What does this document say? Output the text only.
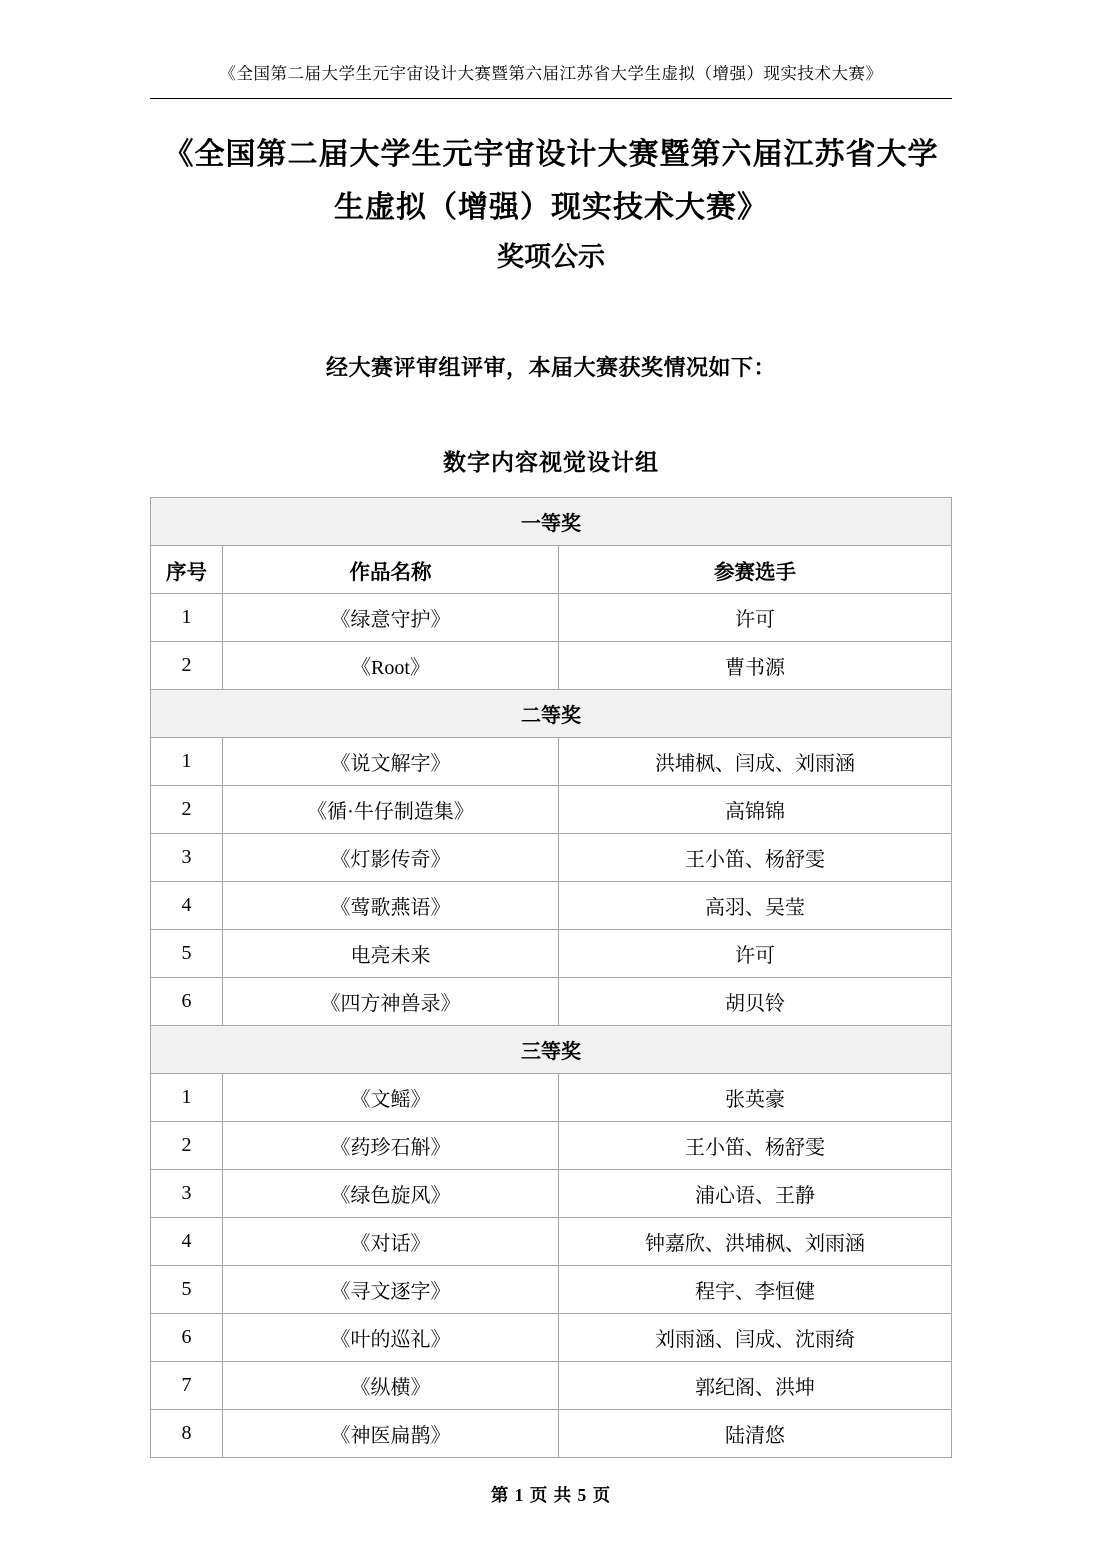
《全国第二届大学生元宇宙设计大赛暨第六届江苏省大学生虚拟（增强）现实技术大赛》
《全国第二届大学生元宇宙设计大赛暨第六届江苏省大学
生虚拟（增强）现实技术大赛》
奖项公示
经大赛评审组评审，本届大赛获奖情况如下：
数字内容视觉设计组
一等奖		
序号	作品名称	参赛选手
1	《绿意守护》	许可
2	《Root》	曹书源
二等奖		
1	《说文解字》	洪埔枫、闫成、刘雨涵
2	《循·牛仔制造集》	高锦锦
3	《灯影传奇》	王小笛、杨舒雯
4	《莺歌燕语》	高羽、吴莹
5	电亮未来	许可
6	《四方神兽录》	胡贝铃
三等奖		
1	《文鳐》	张英豪
2	《药珍石斛》	王小笛、杨舒雯
3	《绿色旋风》	浦心语、王静
4	《对话》	钟嘉欣、洪埔枫、刘雨涵
5	《寻文逐字》	程宇、李恒健
6	《叶的巡礼》	刘雨涵、闫成、沈雨绮
7	《纵横》	郭纪阁、洪坤
8	《神医扁鹊》	陆清悠
第 1 页 共 5 页
